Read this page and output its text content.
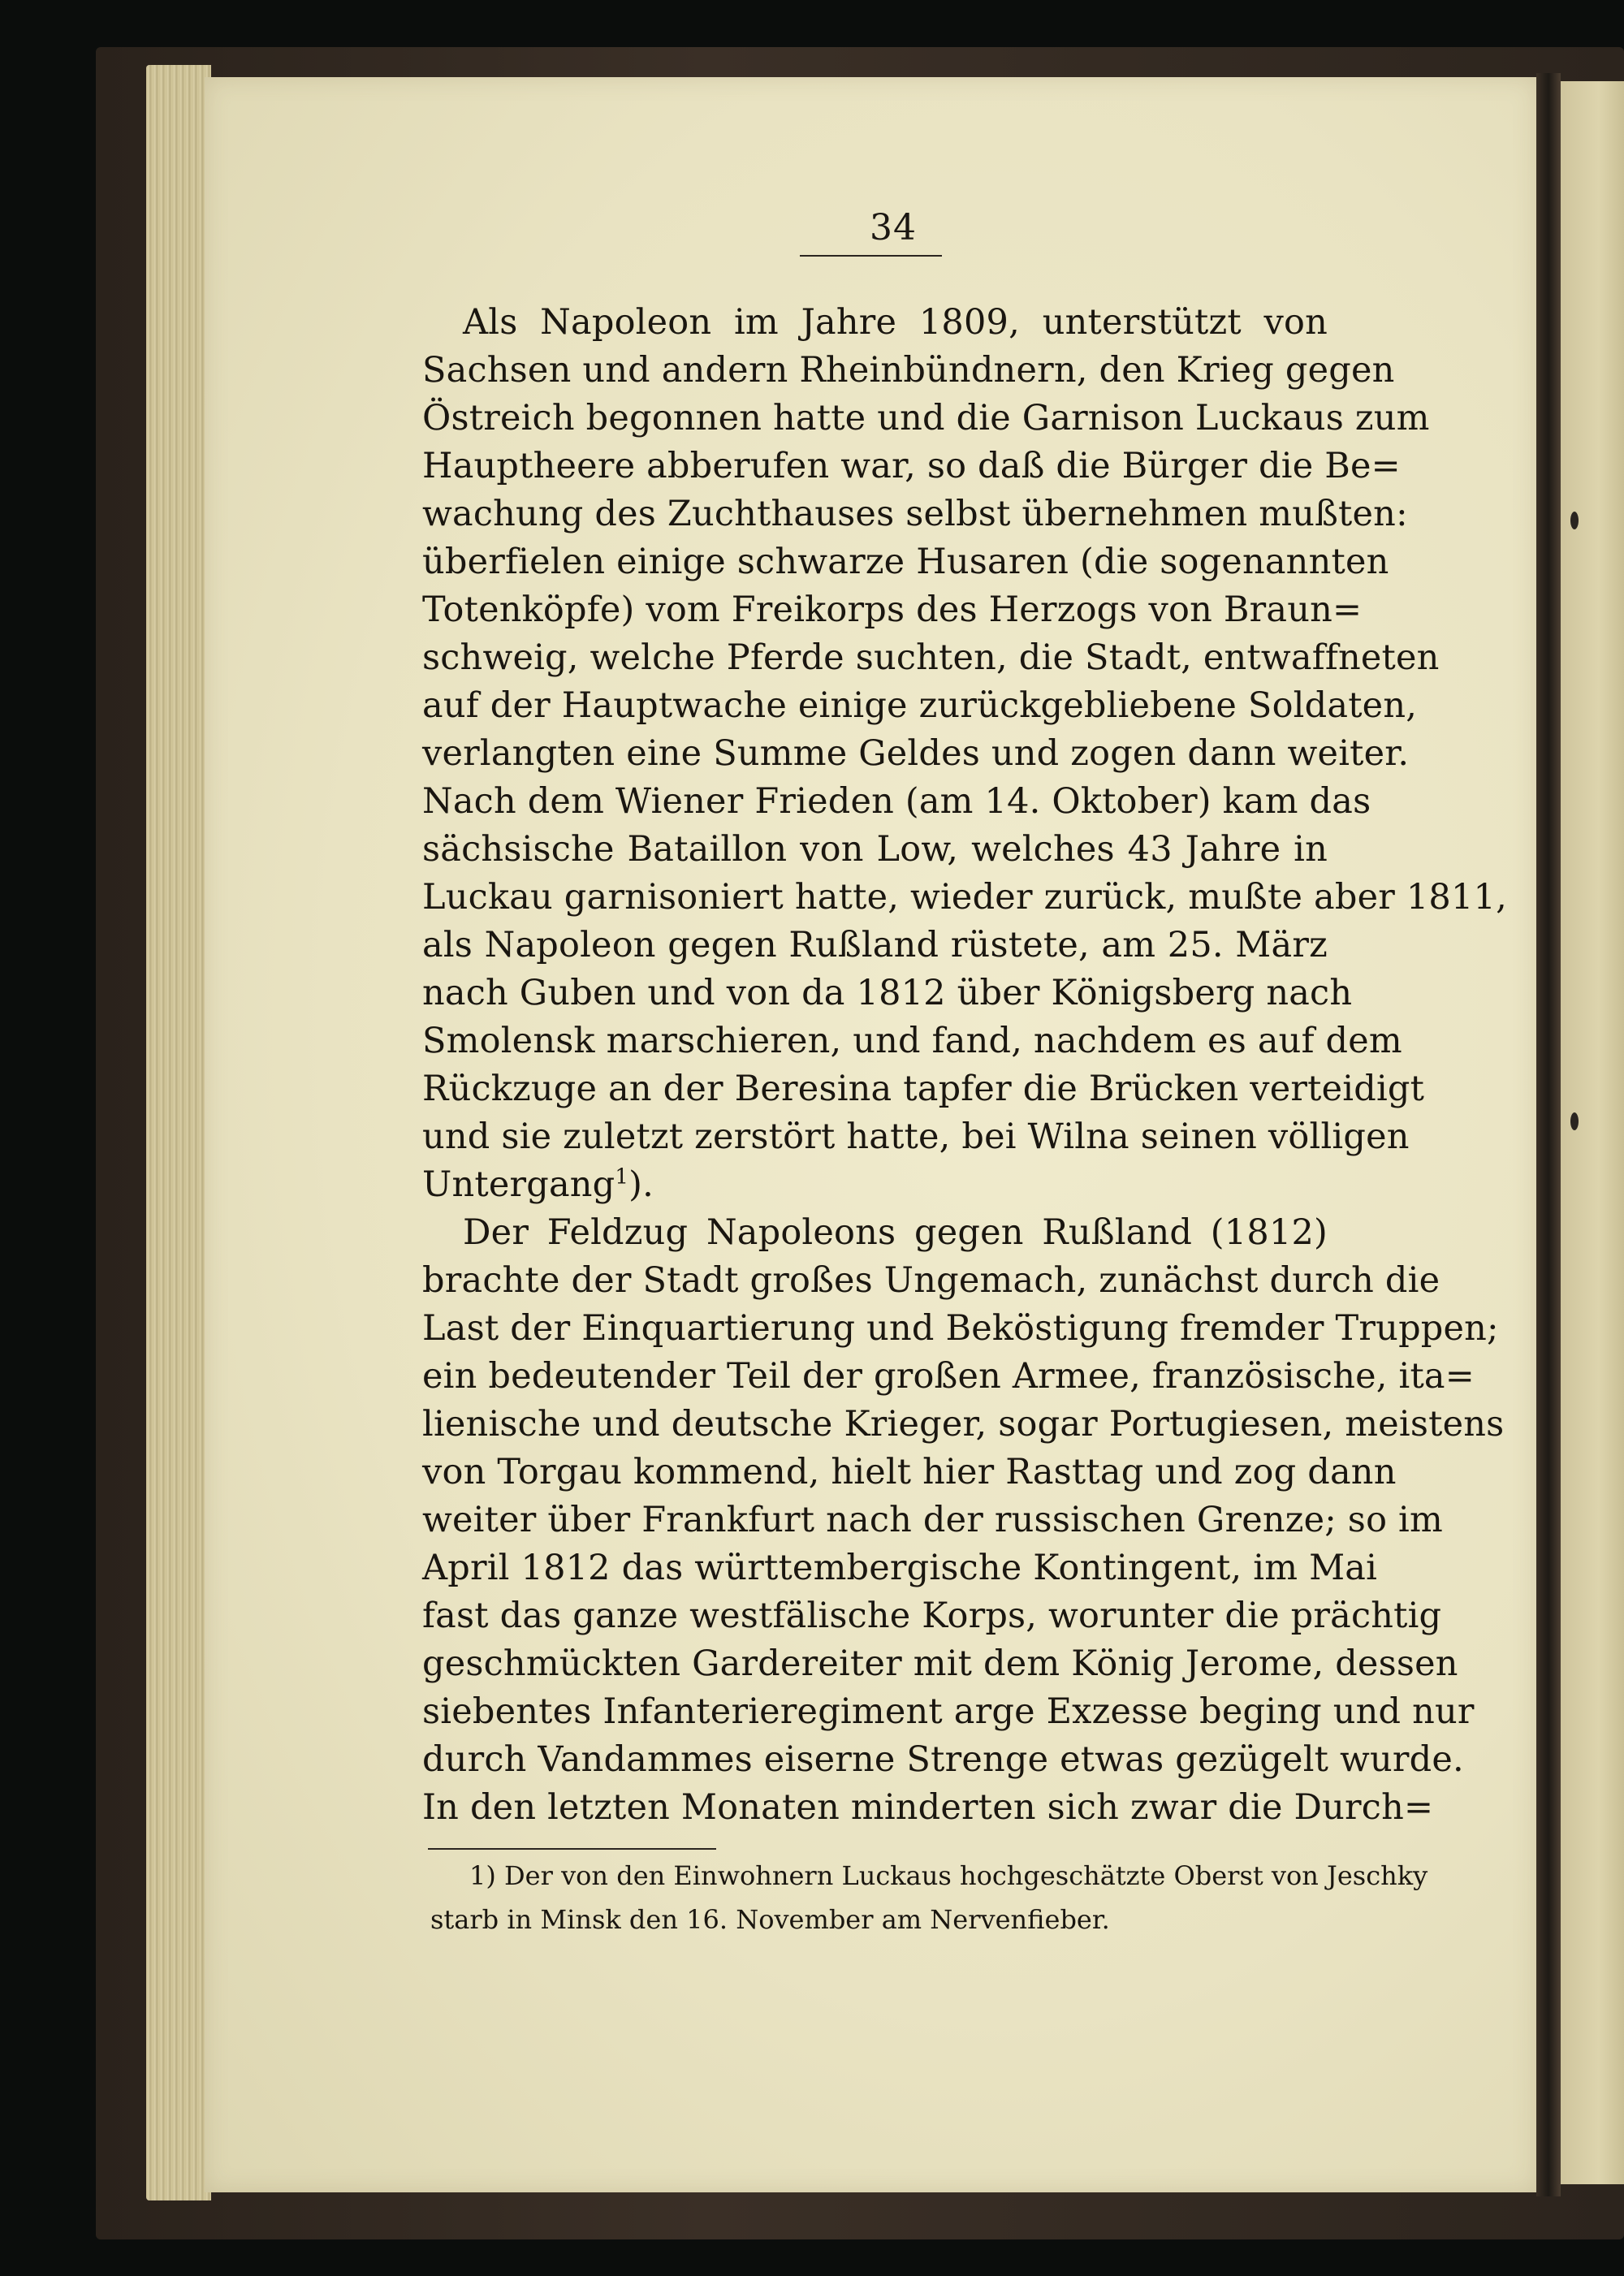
34
Als Napoleon im Jahre 1809, unterstützt von
Sachsen und andern Rheinbündnern, den Krieg gegen
Östreich begonnen hatte und die Garnison Luckaus zum
Hauptheere abberufen war, so daß die Bürger die Be=
wachung des Zuchthauses selbst übernehmen mußten:
überfielen einige schwarze Husaren (die sogenannten
Totenköpfe) vom Freikorps des Herzogs von Braun=
schweig, welche Pferde suchten, die Stadt, entwaffneten
auf der Hauptwache einige zurückgebliebene Soldaten,
verlangten eine Summe Geldes und zogen dann weiter.
Nach dem Wiener Frieden (am 14. Oktober) kam das
sächsische Bataillon von Low, welches 43 Jahre in
Luckau garnisoniert hatte, wieder zurück, mußte aber 1811,
als Napoleon gegen Rußland rüstete, am 25. März
nach Guben und von da 1812 über Königsberg nach
Smolensk marschieren, und fand, nachdem es auf dem
Rückzuge an der Beresina tapfer die Brücken verteidigt
und sie zuletzt zerstört hatte, bei Wilna seinen völligen
Untergang$^1$).
Der Feldzug Napoleons gegen Rußland (1812)
brachte der Stadt großes Ungemach, zunächst durch die
Last der Einquartierung und Beköstigung fremder Truppen;
ein bedeutender Teil der großen Armee, französische, ita=
lienische und deutsche Krieger, sogar Portugiesen, meistens
von Torgau kommend, hielt hier Rasttag und zog dann
weiter über Frankfurt nach der russischen Grenze; so im
April 1812 das württembergische Kontingent, im Mai
fast das ganze westfälische Korps, worunter die prächtig
geschmückten Gardereiter mit dem König Jerome, dessen
siebentes Infanterieregiment arge Exzesse beging und nur
durch Vandammes eiserne Strenge etwas gezügelt wurde.
In den letzten Monaten minderten sich zwar die Durch=
1) Der von den Einwohnern Luckaus hochgeschätzte Oberst von Jeschky
starb in Minsk den 16. November am Nervenfieber.
